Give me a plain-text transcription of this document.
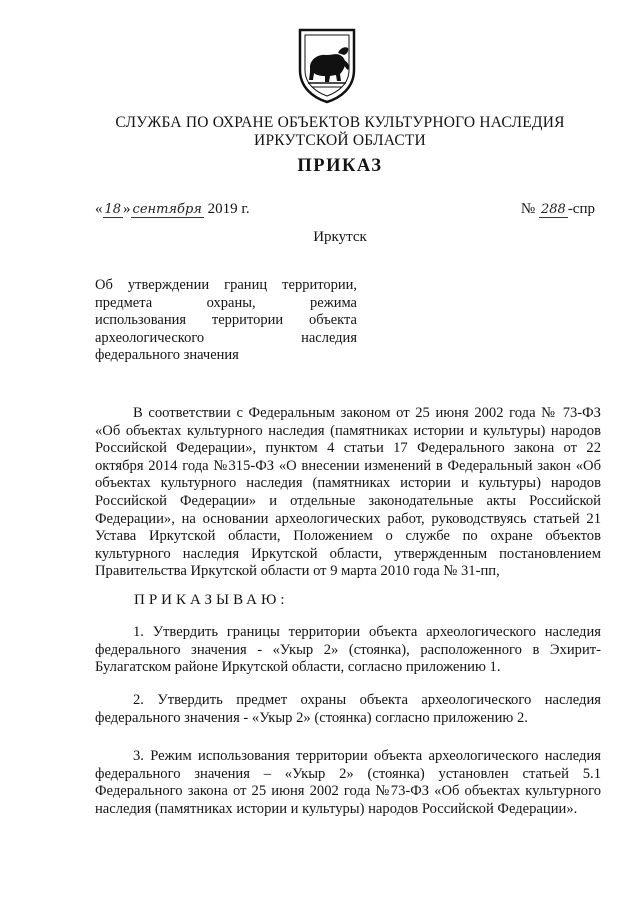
СЛУЖБА ПО ОХРАНЕ ОБЪЕКТОВ КУЛЬТУРНОГО НАСЛЕДИЯ
ИРКУТСКОЙ ОБЛАСТИ
ПРИКАЗ
« 18 » сентября 2019 г.	№ 288 -спр
Иркутск
Об утверждении границ территории,
предмета охраны, режима
использования территории объекта
археологического наследия
федерального значения

В соответствии с Федеральным законом от 25 июня 2002 года № 73-ФЗ «Об объектах культурного наследия (памятниках истории и культуры) народов Российской Федерации», пунктом 4 статьи 17 Федерального закона от 22 октября 2014 года №315-ФЗ «О внесении изменений в Федеральный закон «Об объектах культурного наследия (памятниках истории и культуры) народов Российской Федерации» и отдельные законодательные акты Российской Федерации», на основании археологических работ, руководствуясь статьей 21 Устава Иркутской области, Положением о службе по охране объектов культурного наследия Иркутской области, утвержденным постановлением Правительства Иркутской области от 9 марта 2010 года № 31-пп,

ПРИКАЗЫВАЮ:

1. Утвердить границы территории объекта археологического наследия федерального значения - «Укыр 2» (стоянка), расположенного в Эхирит-Булагатском районе Иркутской области, согласно приложению 1.

2. Утвердить предмет охраны объекта археологического наследия федерального значения - «Укыр 2» (стоянка) согласно приложению 2.

3. Режим использования территории объекта археологического наследия федерального значения – «Укыр 2» (стоянка) установлен статьей 5.1 Федерального закона от 25 июня 2002 года №73-ФЗ «Об объектах культурного наследия (памятниках истории и культуры) народов Российской Федерации».
